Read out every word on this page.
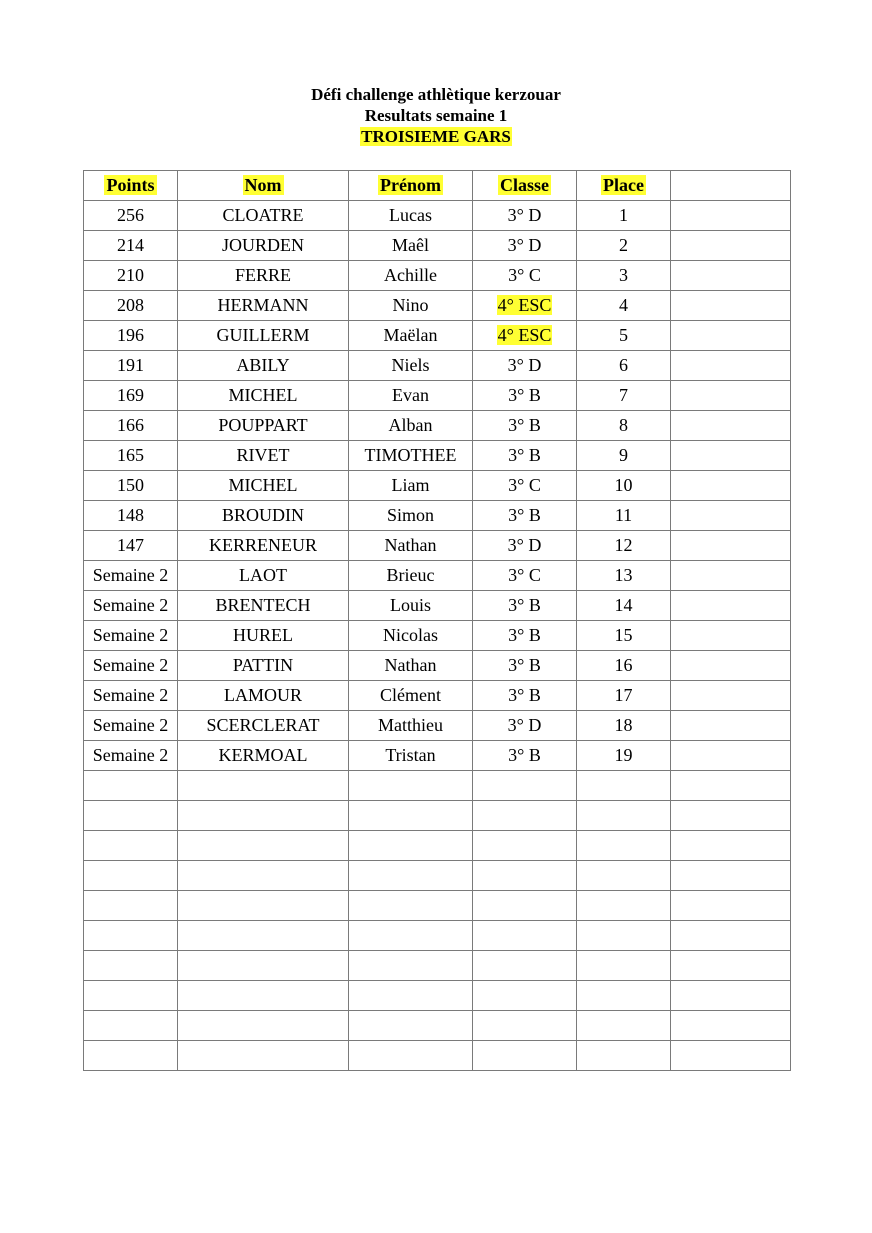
Défi challenge athlètique kerzouar
Resultats semaine 1
TROISIEME GARS
Points	Nom	Prénom	Classe	Place	
256	CLOATRE	Lucas	3° D	1	
214	JOURDEN	Maêl	3° D	2	
210	FERRE	Achille	3° C	3	
208	HERMANN	Nino	4° ESC	4	
196	GUILLERM	Maëlan	4° ESC	5	
191	ABILY	Niels	3° D	6	
169	MICHEL	Evan	3° B	7	
166	POUPPART	Alban	3° B	8	
165	RIVET	TIMOTHEE	3° B	9	
150	MICHEL	Liam	3° C	10	
148	BROUDIN	Simon	3° B	11	
147	KERRENEUR	Nathan	3° D	12	
Semaine 2	LAOT	Brieuc	3° C	13	
Semaine 2	BRENTECH	Louis	3° B	14	
Semaine 2	HUREL	Nicolas	3° B	15	
Semaine 2	PATTIN	Nathan	3° B	16	
Semaine 2	LAMOUR	Clément	3° B	17	
Semaine 2	SCERCLERAT	Matthieu	3° D	18	
Semaine 2	KERMOAL	Tristan	3° B	19	
